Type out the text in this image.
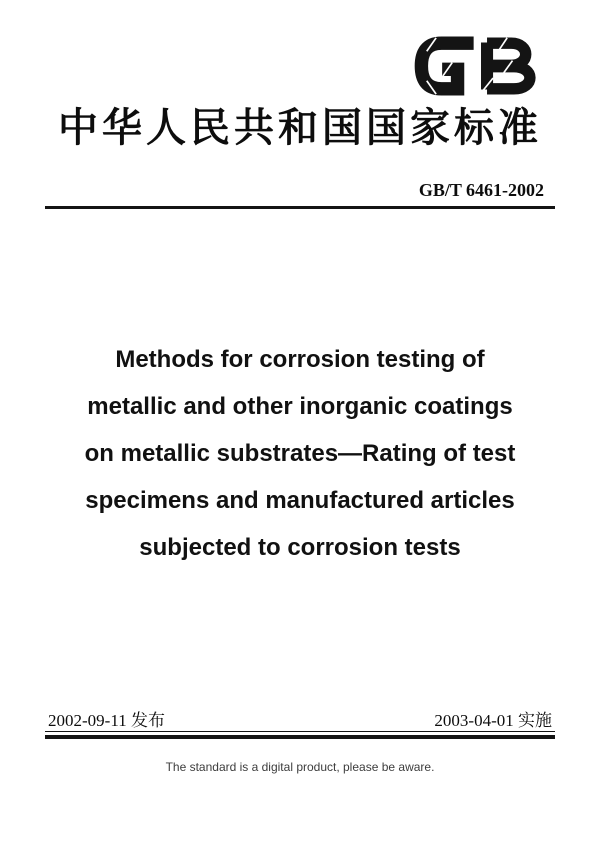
中华人民共和国国家标准
GB/T 6461-2002
Methods for corrosion testing of
metallic and other inorganic coatings
on metallic substrates—Rating of test
specimens and manufactured articles
subjected to corrosion tests
2002-09-11 发布	2003-04-01 实施
The standard is a digital product, please be aware.
